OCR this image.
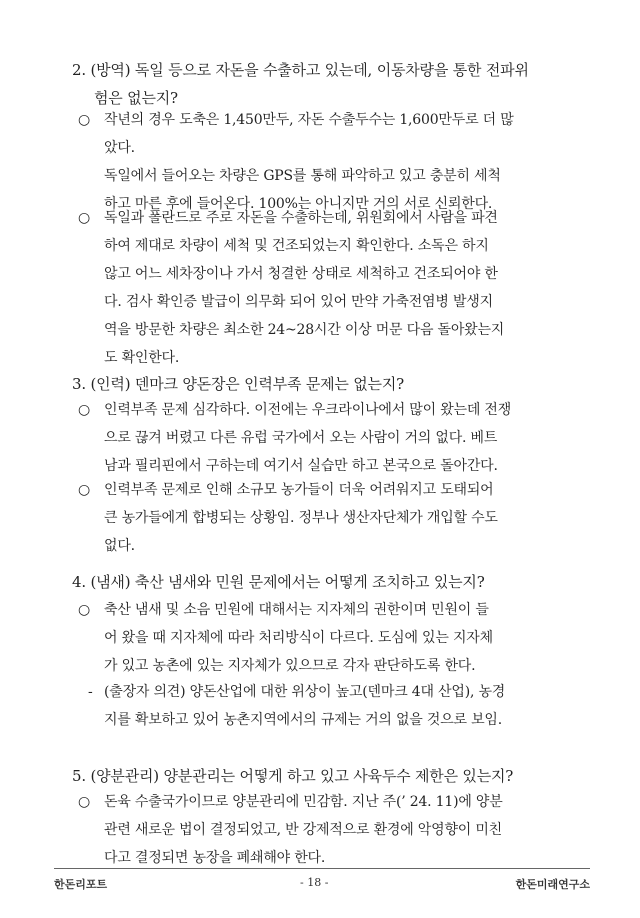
2. (방역) 독일 등으로 자돈을 수출하고 있는데, 이동차량을 통한 전파위
험은 없는지?
○ 작년의 경우 도축은 1,450만두, 자돈 수출두수는 1,600만두로 더 많
았다.
독일에서 들어오는 차량은 GPS를 통해 파악하고 있고 충분히 세척
하고 마른 후에 들어온다. 100%는 아니지만 거의 서로 신뢰한다.
○ 독일과 폴란드로 주로 자돈을 수출하는데, 위원회에서 사람을 파견
하여 제대로 차량이 세척 및 건조되었는지 확인한다. 소독은 하지
않고 어느 세차장이나 가서 청결한 상태로 세척하고 건조되어야 한
다. 검사 확인증 발급이 의무화 되어 있어 만약 가축전염병 발생지
역을 방문한 차량은 최소한 24~28시간 이상 머문 다음 돌아왔는지
도 확인한다.
3. (인력) 덴마크 양돈장은 인력부족 문제는 없는지?
○ 인력부족 문제 심각하다. 이전에는 우크라이나에서 많이 왔는데 전쟁
으로 끊겨 버렸고 다른 유럽 국가에서 오는 사람이 거의 없다. 베트
남과 필리핀에서 구하는데 여기서 실습만 하고 본국으로 돌아간다.
○ 인력부족 문제로 인해 소규모 농가들이 더욱 어려워지고 도태되어
큰 농가들에게 합병되는 상황임. 정부나 생산자단체가 개입할 수도
없다.
4. (냄새) 축산 냄새와 민원 문제에서는 어떻게 조치하고 있는지?
○ 축산 냄새 및 소음 민원에 대해서는 지자체의 권한이며 민원이 들
어 왔을 때 지자체에 따라 처리방식이 다르다. 도심에 있는 지자체
가 있고 농촌에 있는 지자체가 있으므로 각자 판단하도록 한다.
- (출장자 의견) 양돈산업에 대한 위상이 높고(덴마크 4대 산업), 농경
지를 확보하고 있어 농촌지역에서의 규제는 거의 없을 것으로 보임.
5. (양분관리) 양분관리는 어떻게 하고 있고 사육두수 제한은 있는지?
○ 돈육 수출국가이므로 양분관리에 민감함. 지난 주(’ 24. 11)에 양분
관련 새로운 법이 결정되었고, 반 강제적으로 환경에 악영향이 미친
다고 결정되면 농장을 폐쇄해야 한다.
한돈리포트	- 18 -	한돈미래연구소
